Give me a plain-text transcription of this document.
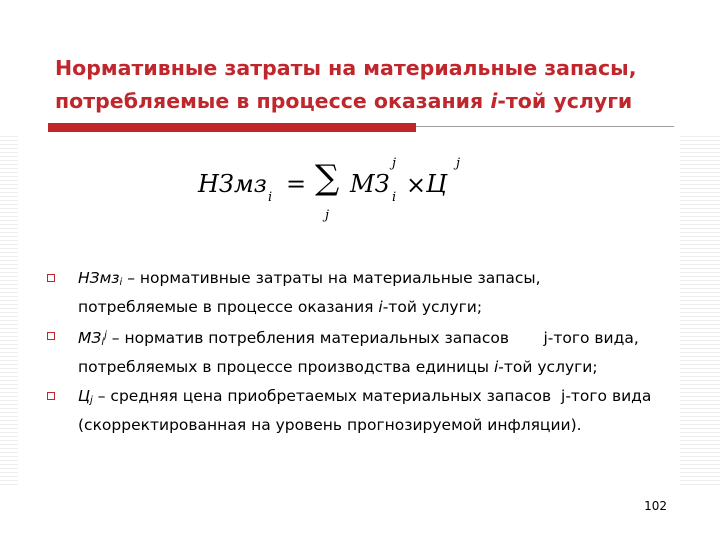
Нормативные затраты на материальные запасы,
потребляемые в процессе оказания i-той услуги
НЗмз i = ∑
j
МЗ
j
i × Ц
j
НЗмз$_i$ – нормативные затраты на материальные запасы,
потребляемые в процессе оказания i-той услуги;
$МЗ_i^j$ – норматив потребления материальных запасов       j-того вида,
потребляемых в процессе производства единицы i-той услуги;
$Ц_j$ – средняя цена приобретаемых материальных запасов  j-того вида
(скорректированная на уровень прогнозируемой инфляции).
102
